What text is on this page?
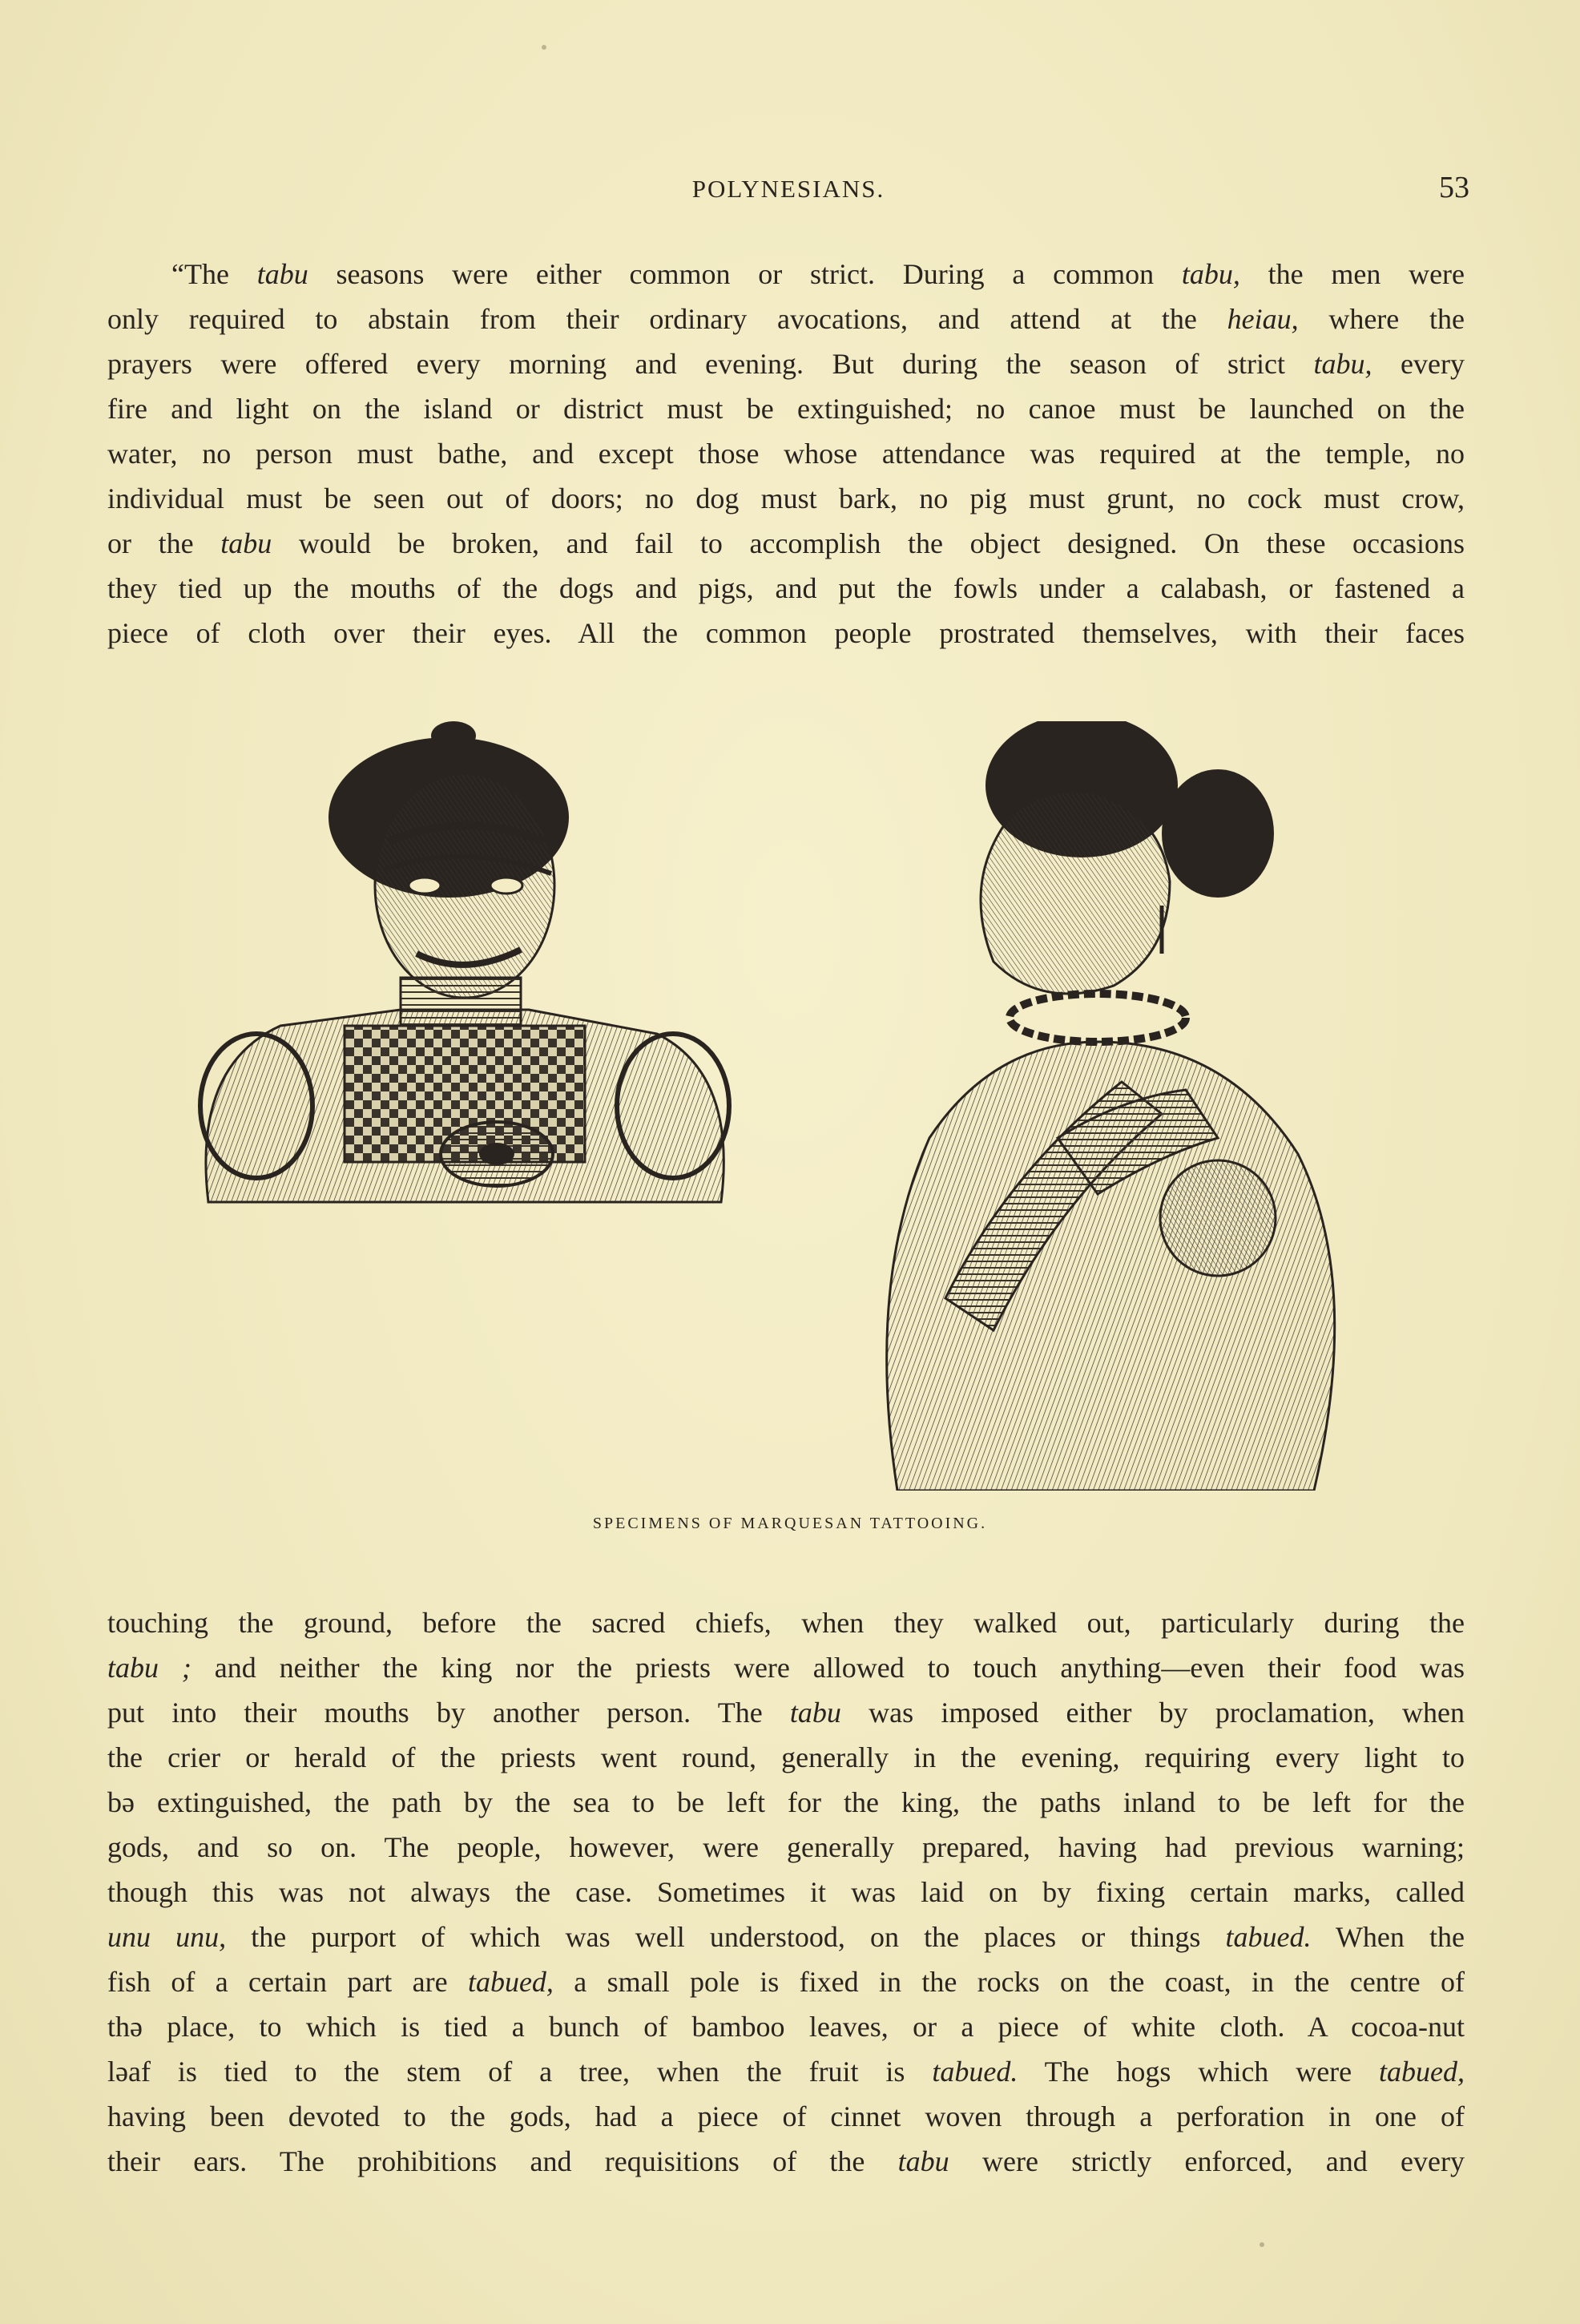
POLYNESIANS.	53
“The tabu seasons were either common or strict. During a common tabu, the men were
only required to abstain from their ordinary avocations, and attend at the heiau, where the
prayers were offered every morning and evening. But during the season of strict tabu, every
fire and light on the island or district must be extinguished; no canoe must be launched on the
water, no person must bathe, and except those whose attendance was required at the temple, no
individual must be seen out of doors; no dog must bark, no pig must grunt, no cock must crow,
or the tabu would be broken, and fail to accomplish the object designed. On these occasions
they tied up the mouths of the dogs and pigs, and put the fowls under a calabash, or fastened a
piece of cloth over their eyes. All the common people prostrated themselves, with their faces
SPECIMENS OF MARQUESAN TATTOOING.
touching the ground, before the sacred chiefs, when they walked out, particularly during the
tabu ; and neither the king nor the priests were allowed to touch anything—even their food was
put into their mouths by another person. The tabu was imposed either by proclamation, when
the crier or herald of the priests went round, generally in the evening, requiring every light to
bə extinguished, the path by the sea to be left for the king, the paths inland to be left for the
gods, and so on. The people, however, were generally prepared, having had previous warning;
though this was not always the case. Sometimes it was laid on by fixing certain marks, called
unu unu, the purport of which was well understood, on the places or things tabued. When the
fish of a certain part are tabued, a small pole is fixed in the rocks on the coast, in the centre of
thə place, to which is tied a bunch of bamboo leaves, or a piece of white cloth. A cocoa-nut
ləaf is tied to the stem of a tree, when the fruit is tabued. The hogs which were tabued,
having been devoted to the gods, had a piece of cinnet woven through a perforation in one of
their ears. The prohibitions and requisitions of the tabu were strictly enforced, and every
